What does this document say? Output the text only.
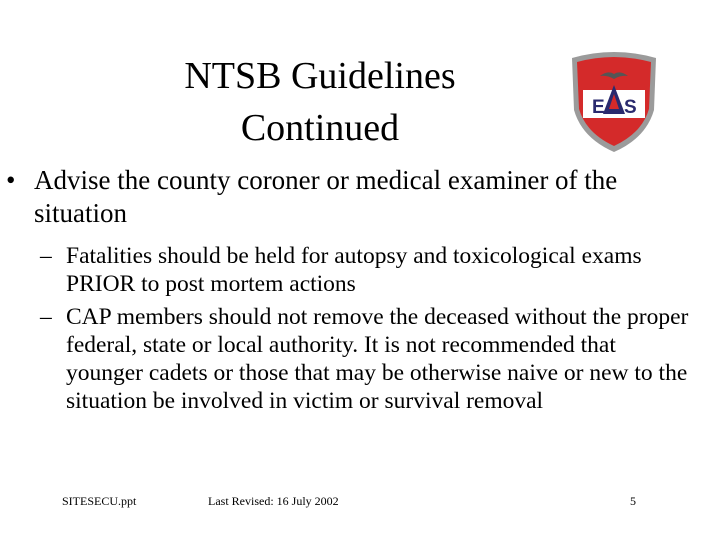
NTSB Guidelines
Continued	E S
• Advise the county coroner or medical examiner of the situation
– Fatalities should be held for autopsy and toxicological exams PRIOR to post mortem actions
– CAP members should not remove the deceased without the proper federal, state or local authority. It is not recommended that younger cadets or those that may be otherwise naive or new to the situation be involved in victim or survival removal
SITESECU.ppt	Last Revised: 16 July 2002	5
